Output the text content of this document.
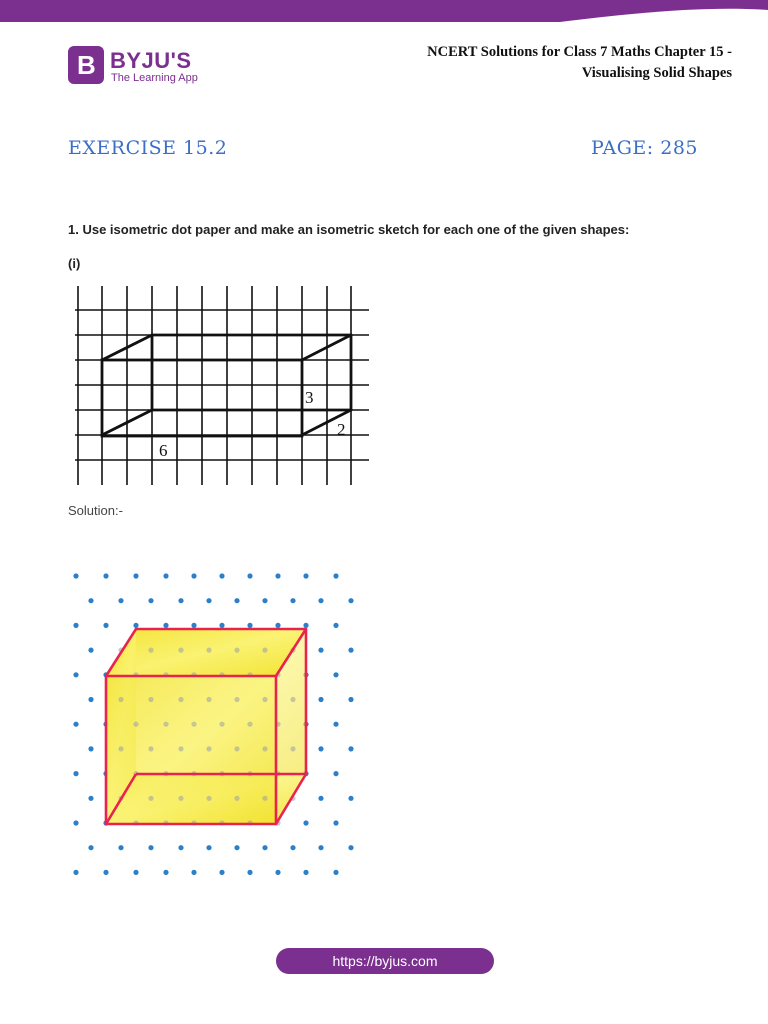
B BYJU'S
The Learning App
NCERT Solutions for Class 7 Maths Chapter 15 -
Visualising Solid Shapes
EXERCISE 15.2	PAGE: 285
1. Use isometric dot paper and make an isometric sketch for each one of the given shapes:
(i)
3
2
6
Solution:-
https://byjus.com
